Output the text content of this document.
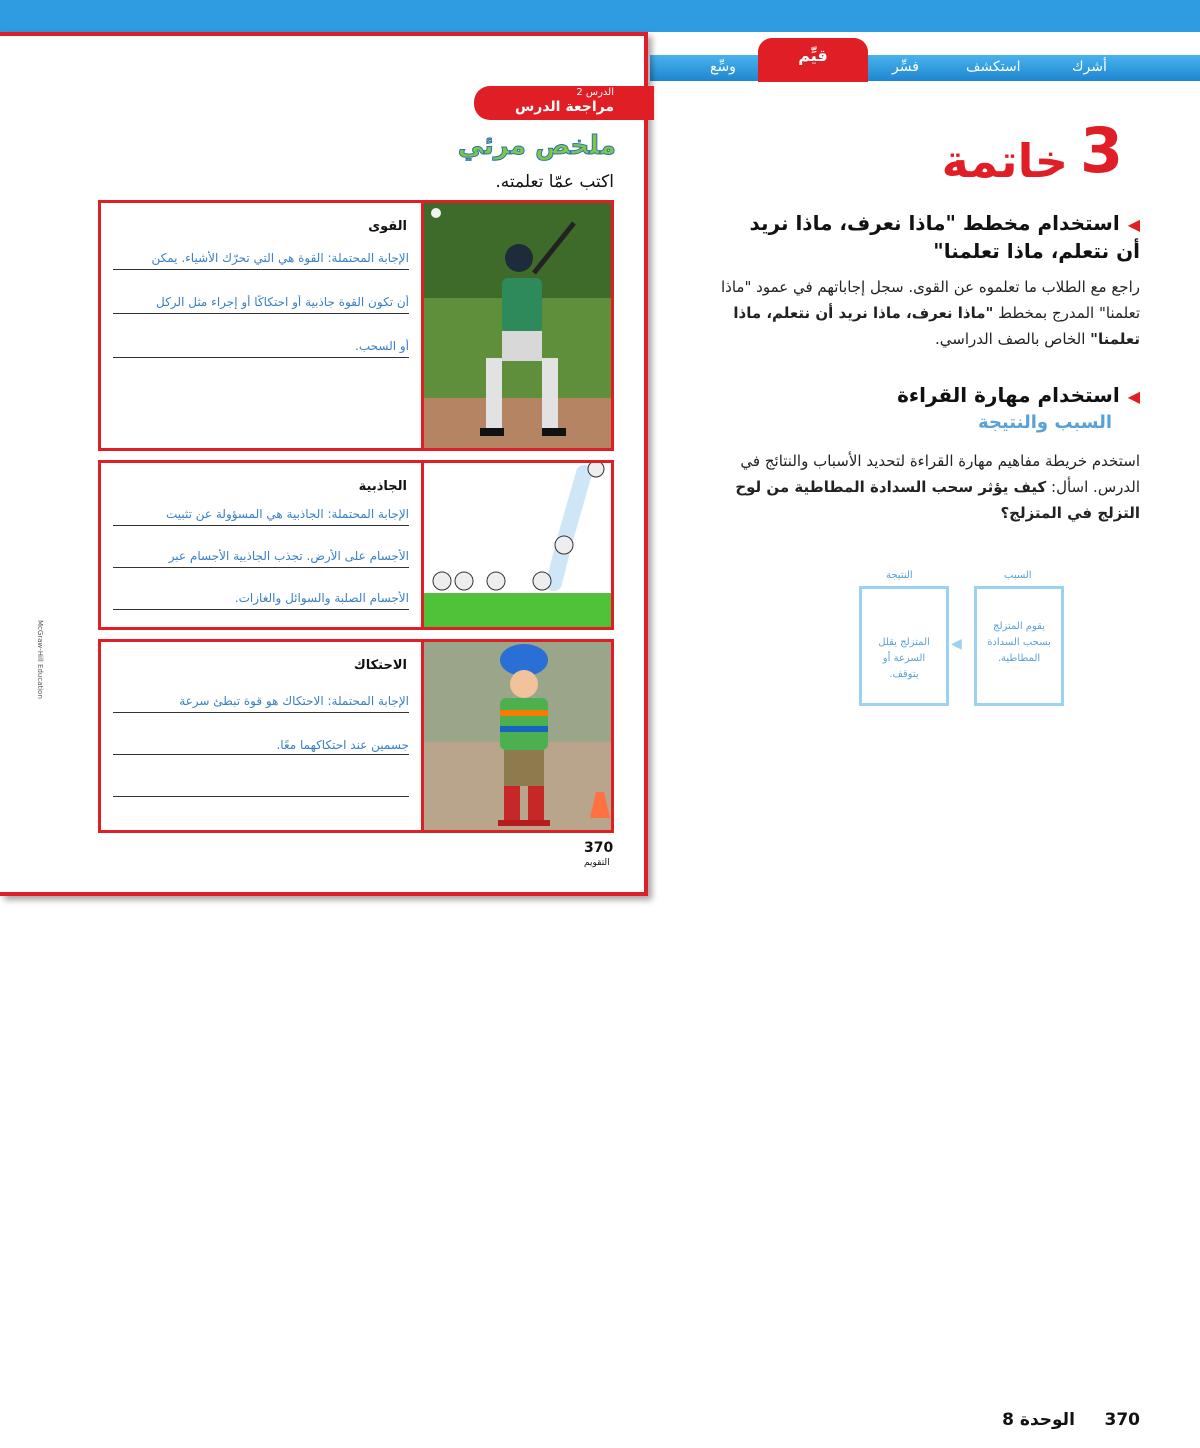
أشرك
استكشف
فسِّر
وسِّع
قيِّم
الدرس 2
مراجعة الدرس
ملخص مرئي
اكتب عمّا تعلمته.
القوى
الإجابة المحتملة: القوة هي التي تحرّك الأشياء. يمكن
أن تكون القوة جاذبية أو احتكاكًا أو إجراء مثل الركل
أو السحب.
الجاذبية
الإجابة المحتملة: الجاذبية هي المسؤولة عن تثبيت
الأجسام على الأرض. تجذب الجاذبية الأجسام عبر
الأجسام الصلبة والسوائل والغازات.
الاحتكاك
الإجابة المحتملة: الاحتكاك هو قوة تبطئ سرعة
جسمين عند احتكاكهما معًا.
370
التقويم
McGraw-Hill Education
3
خاتمة
◀استخدام مخطط "ماذا نعرف، ماذا نريد أن نتعلم، ماذا تعلمنا"
راجع مع الطلاب ما تعلموه عن القوى. سجل إجاباتهم في عمود "ماذا تعلمنا" المدرج بمخطط "ماذا نعرف، ماذا نريد أن نتعلم، ماذا تعلمنا" الخاص بالصف الدراسي.
◀استخدام مهارة القراءة
السبب والنتيجة
استخدم خريطة مفاهيم مهارة القراءة لتحديد الأسباب والنتائج في الدرس. اسأل: كيف يؤثر سحب السدادة المطاطية من لوح التزلج في المتزلج؟
السبب
النتيجة
يقوم المتزلج بسحب السدادة المطاطية.
◀
المتزلج يقلل السرعة أو يتوقف.
370     الوحدة 8
